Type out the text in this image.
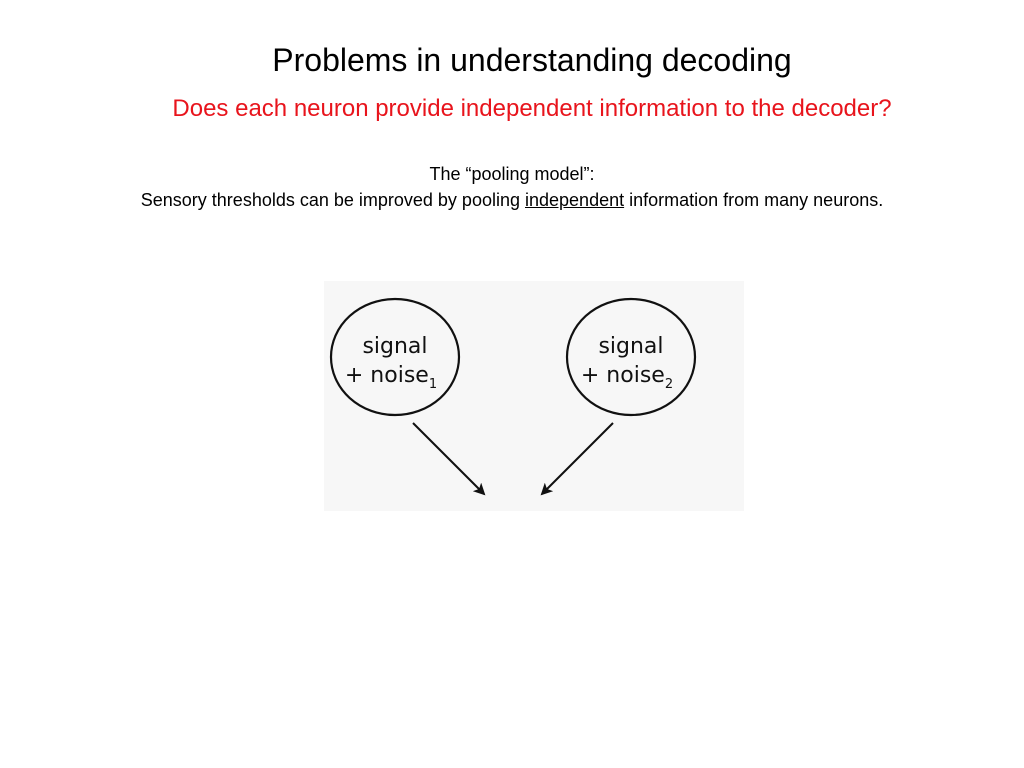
Problems in understanding decoding
Does each neuron provide independent information to the decoder?
The “pooling model”:
Sensory thresholds can be improved by pooling independent information from many neurons.
signal
+ noise$_1$
signal
+ noise$_2$
